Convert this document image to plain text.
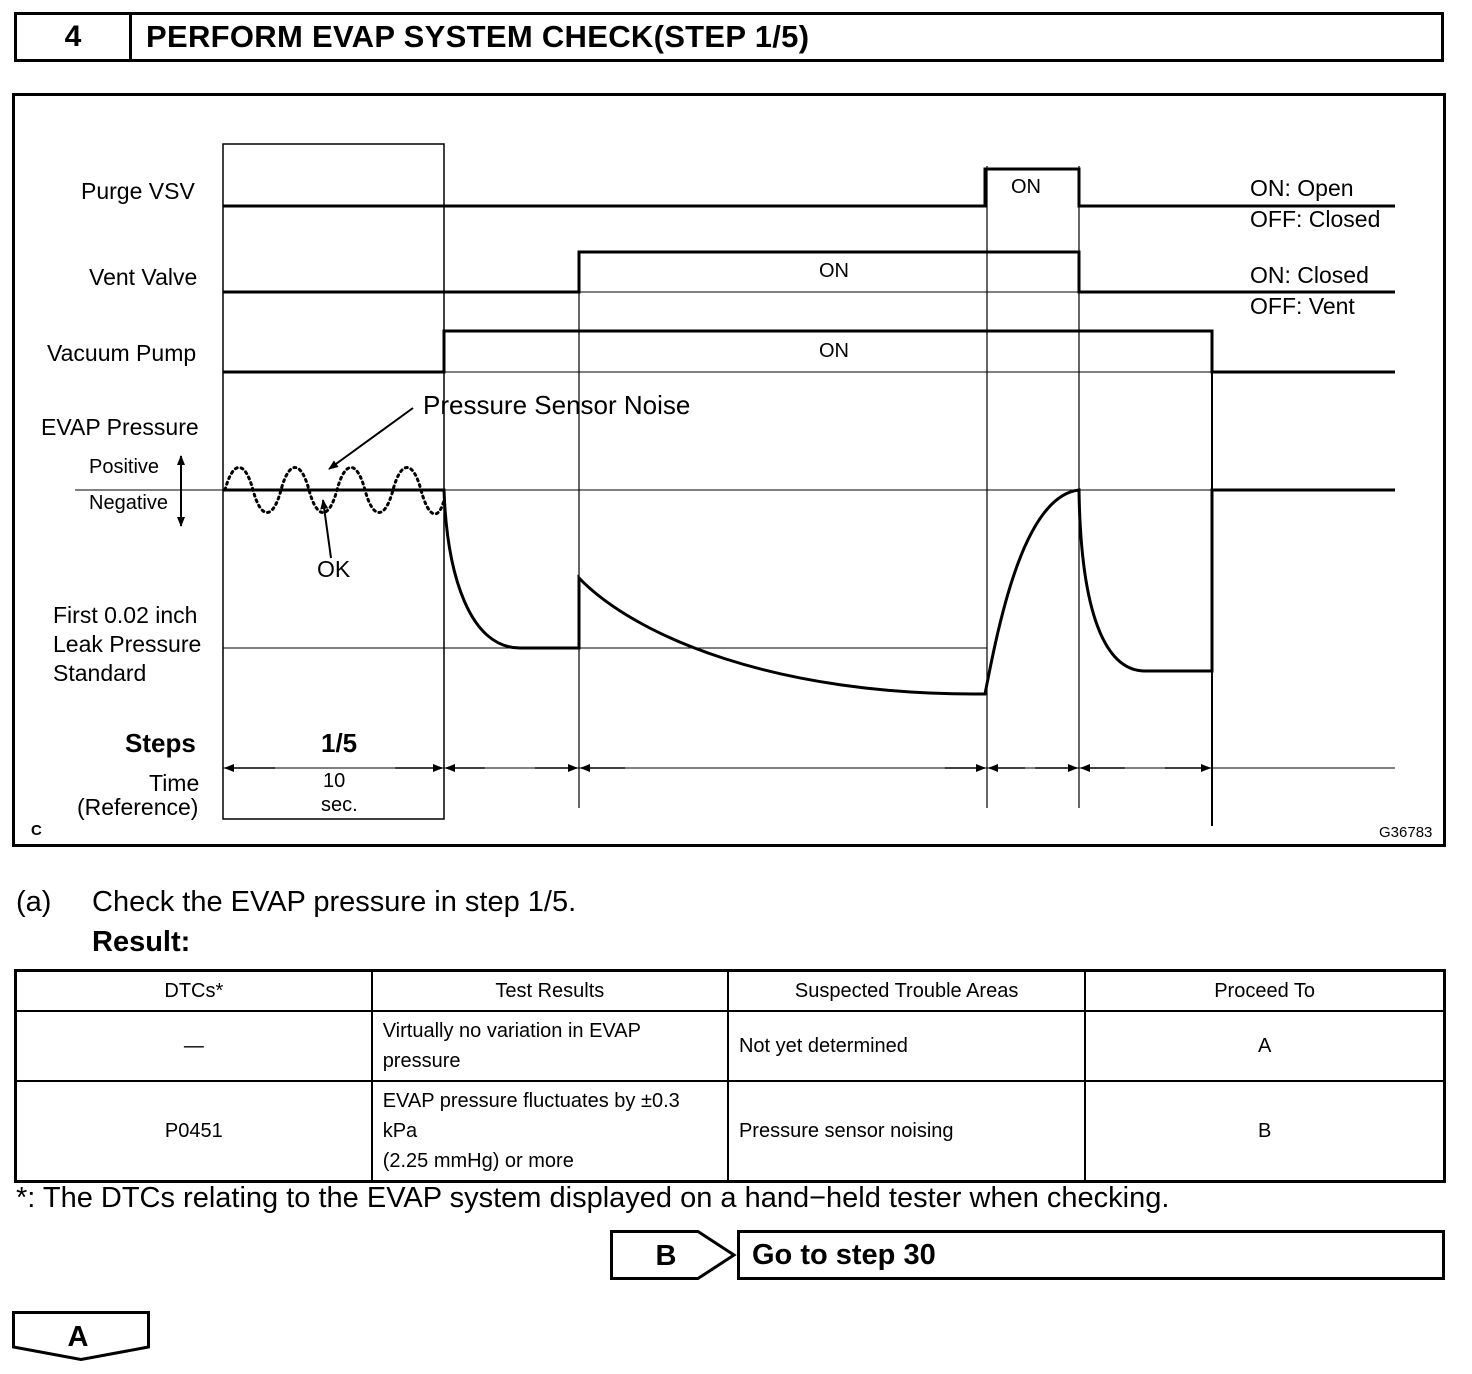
4	PERFORM EVAP SYSTEM CHECK(STEP 1/5)
Purge VSV
Vent Valve
Vacuum Pump
EVAP Pressure
ON
ON
ON
ON: Open
OFF: Closed
ON: Closed
OFF: Vent
Positive
Negative
Pressure Sensor Noise
OK
First 0.02 inch
Leak Pressure
Standard
Steps	1/5
Time
(Reference)
10
sec.
C	G36783
(a) Check the EVAP pressure in step 1/5.
Result:
DTCs*	Test Results	Suspected Trouble Areas	Proceed To
—	Virtually no variation in EVAP
pressure	Not yet determined	A
P0451	EVAP pressure fluctuates by ±0.3
kPa
(2.25 mmHg) or more	Pressure sensor noising	B
*: The DTCs relating to the EVAP system displayed on a hand−held tester when checking.
B	Go to step 30
A
